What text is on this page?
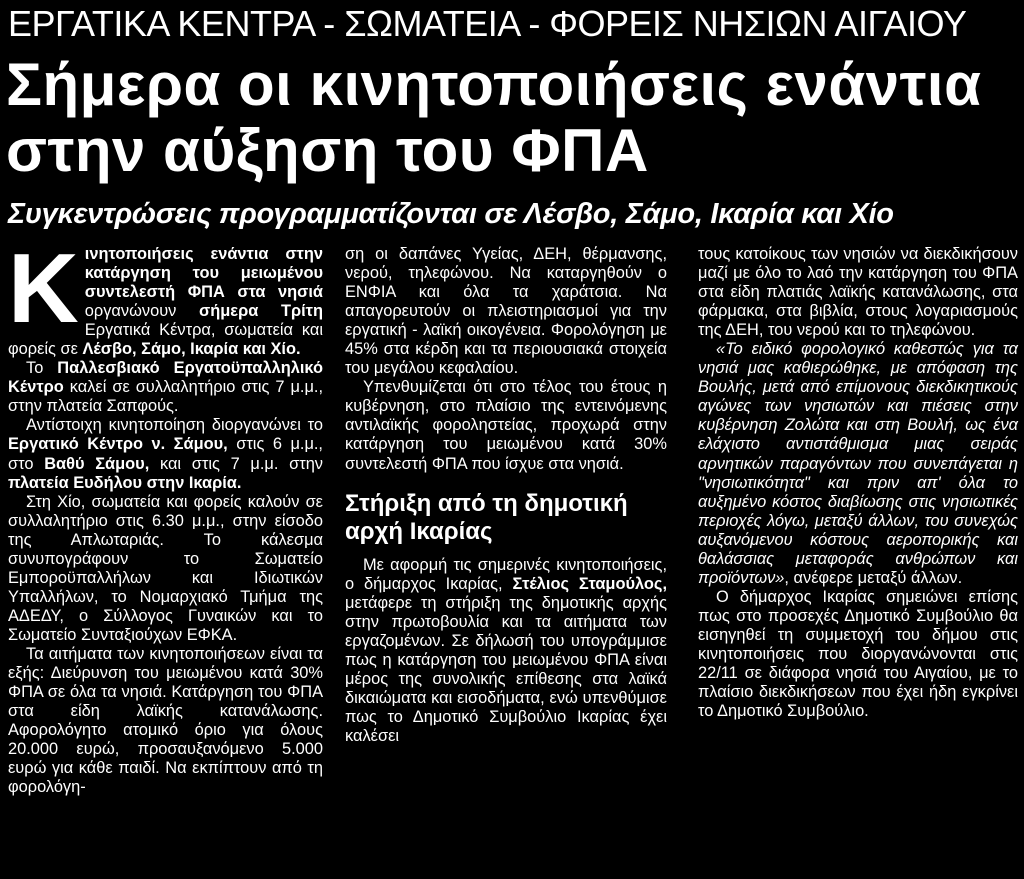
ΕΡΓΑΤΙΚΑ ΚΕΝΤΡΑ - ΣΩΜΑΤΕΙΑ - ΦΟΡΕΙΣ ΝΗΣΙΩΝ ΑΙΓΑΙΟΥ
Σήμερα οι κινητοποιήσεις ενάντια
στην αύξηση του ΦΠΑ
Συγκεντρώσεις προγραμματίζονται σε Λέσβο, Σάμο, Ικαρία και Χίο

Κινητοποιήσεις ενάντια στην κατάργηση του μειωμένου συντελεστή ΦΠΑ στα νησιά οργανώνουν σήμερα Τρίτη Εργατικά Κέντρα, σωματεία και φορείς σε Λέσβο, Σάμο, Ικαρία και Χίο.

Το Παλλεσβιακό Εργατοϋπαλληλικό Κέντρο καλεί σε συλλαλητήριο στις 7 μ.μ., στην πλατεία Σαπφούς.

Αντίστοιχη κινητοποίηση διοργανώνει το Εργατικό Κέντρο ν. Σάμου, στις 6 μ.μ., στο Βαθύ Σάμου, και στις 7 μ.μ. στην πλατεία Ευδήλου στην Ικαρία.

Στη Χίο, σωματεία και φορείς καλούν σε συλλαλητήριο στις 6.30 μ.μ., στην είσοδο της Απλωταριάς. Το κάλεσμα συνυπογράφουν το Σωματείο Εμποροϋπαλλήλων και Ιδιωτικών Υπαλλήλων, το Νομαρχιακό Τμήμα της ΑΔΕΔΥ, ο Σύλλογος Γυναικών και το Σωματείο Συνταξιούχων ΕΦΚΑ.

Τα αιτήματα των κινητοποιήσεων είναι τα εξής: Διεύρυνση του μειωμένου κατά 30% ΦΠΑ σε όλα τα νησιά. Κατάργηση του ΦΠΑ στα είδη λαϊκής κατανάλωσης. Αφορολόγητο ατομικό όριο για όλους 20.000 ευρώ, προσαυξανόμενο 5.000 ευρώ για κάθε παιδί. Να εκπίπτουν από τη φορολόγη-

ση οι δαπάνες Υγείας, ΔΕΗ, θέρμανσης, νερού, τηλεφώνου. Να καταργηθούν ο ΕΝΦΙΑ και όλα τα χαράτσια. Να απαγορευτούν οι πλειστηριασμοί για την εργατική - λαϊκή οικογένεια. Φορολόγηση με 45% στα κέρδη και τα περιουσιακά στοιχεία του μεγάλου κεφαλαίου.

Υπενθυμίζεται ότι στο τέλος του έτους η κυβέρνηση, στο πλαίσιο της εντεινόμενης αντιλαϊκής φοροληστείας, προχωρά στην κατάργηση του μειωμένου κατά 30% συντελεστή ΦΠΑ που ίσχυε στα νησιά.

Στήριξη από τη δημοτική αρχή Ικαρίας

Με αφορμή τις σημερινές κινητοποιήσεις, ο δήμαρχος Ικαρίας, Στέλιος Σταμούλος, μετάφερε τη στήριξη της δημοτικής αρχής στην πρωτοβουλία και τα αιτήματα των εργαζομένων. Σε δήλωσή του υπογράμμισε πως η κατάργηση του μειωμένου ΦΠΑ είναι μέρος της συνολικής επίθεσης στα λαϊκά δικαιώματα και εισοδήματα, ενώ υπενθύμισε πως το Δημοτικό Συμβούλιο Ικαρίας έχει καλέσει

τους κατοίκους των νησιών να διεκδικήσουν μαζί με όλο το λαό την κατάργηση του ΦΠΑ στα είδη πλατιάς λαϊκής κατανάλωσης, στα φάρμακα, στα βιβλία, στους λογαριασμούς της ΔΕΗ, του νερού και το τηλεφώνου.

«Το ειδικό φορολογικό καθεστώς για τα νησιά μας καθιερώθηκε, με απόφαση της Βουλής, μετά από επίμονους διεκδικητικούς αγώνες των νησιωτών και πιέσεις στην κυβέρνηση Ζολώτα και στη Βουλή, ως ένα ελάχιστο αντιστάθμισμα μιας σειράς αρνητικών παραγόντων που συνεπάγεται η "νησιωτικότητα" και πριν απ' όλα το αυξημένο κόστος διαβίωσης στις νησιωτικές περιοχές λόγω, μεταξύ άλλων, του συνεχώς αυξανόμενου κόστους αεροπορικής και θαλάσσιας μεταφοράς ανθρώπων και προϊόντων», ανέφερε μεταξύ άλλων.

Ο δήμαρχος Ικαρίας σημειώνει επίσης πως στο προσεχές Δημοτικό Συμβούλιο θα εισηγηθεί τη συμμετοχή του δήμου στις κινητοποιήσεις που διοργανώνονται στις 22/11 σε διάφορα νησιά του Αιγαίου, με το πλαίσιο διεκδικήσεων που έχει ήδη εγκρίνει το Δημοτικό Συμβούλιο.
